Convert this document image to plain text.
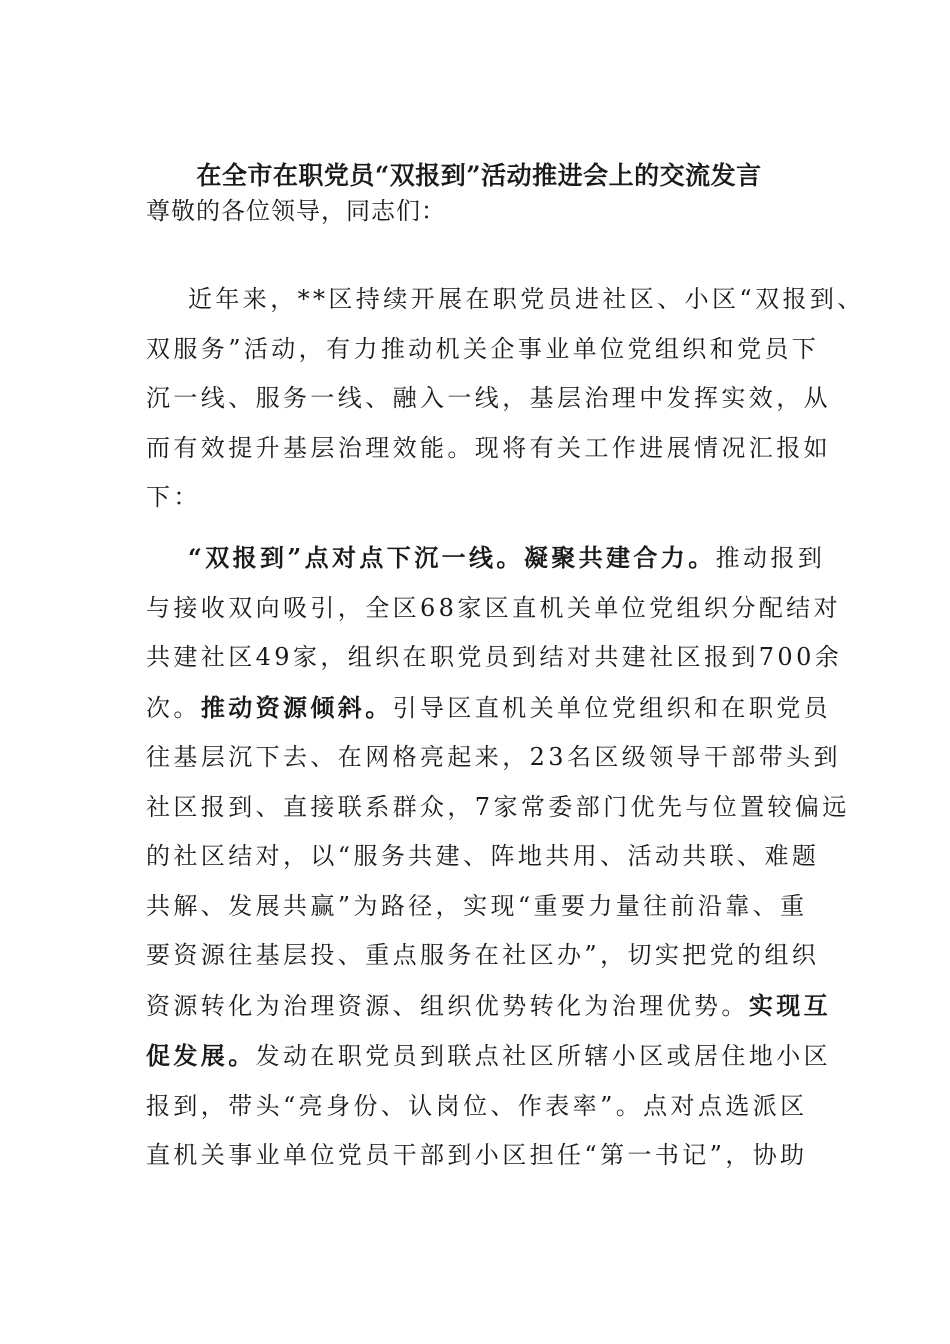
在全市在职党员“双报到”活动推进会上的交流发言
尊敬的各位领导，同志们：
近年来，**区持续开展在职党员进社区、小区“双报到、
双服务”活动，有力推动机关企事业单位党组织和党员下
沉一线、服务一线、融入一线，基层治理中发挥实效，从
而有效提升基层治理效能。现将有关工作进展情况汇报如
下：
“双报到”点对点下沉一线。凝聚共建合力。推动报到
与接收双向吸引，全区68家区直机关单位党组织分配结对
共建社区49家，组织在职党员到结对共建社区报到700余
次。推动资源倾斜。引导区直机关单位党组织和在职党员
往基层沉下去、在网格亮起来，23名区级领导干部带头到
社区报到、直接联系群众，7家常委部门优先与位置较偏远
的社区结对，以“服务共建、阵地共用、活动共联、难题
共解、发展共赢”为路径，实现“重要力量往前沿靠、重
要资源往基层投、重点服务在社区办”，切实把党的组织
资源转化为治理资源、组织优势转化为治理优势。实现互
促发展。发动在职党员到联点社区所辖小区或居住地小区
报到，带头“亮身份、认岗位、作表率”。点对点选派区
直机关事业单位党员干部到小区担任“第一书记”，协助
